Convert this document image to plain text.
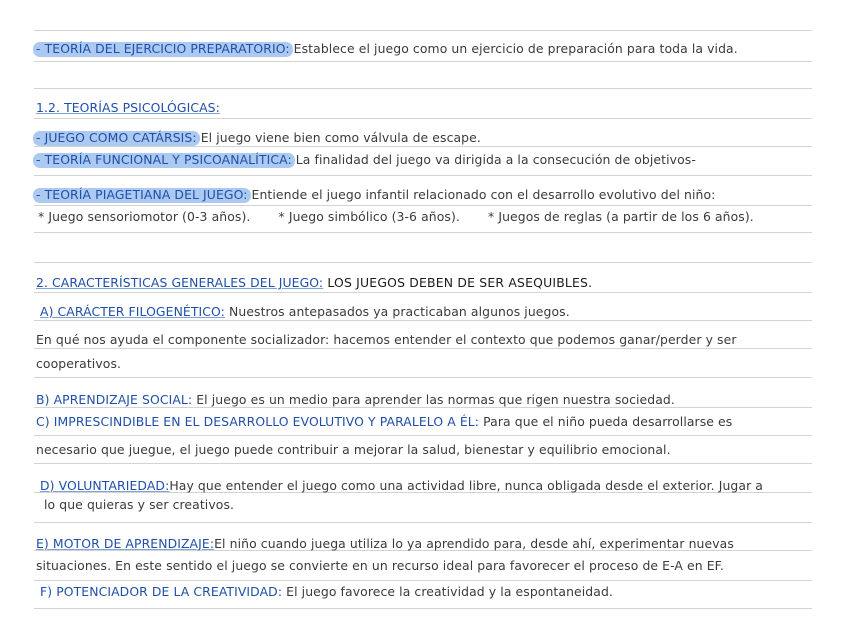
- TEORÍA DEL EJERCICIO PREPARATORIO: Establece el juego como un ejercicio de preparación para toda la vida.
1.2. TEORÍAS PSICOLÓGICAS:
- JUEGO COMO CATÁRSIS: El juego viene bien como válvula de escape.
- TEORÍA FUNCIONAL Y PSICOANALÍTICA: La finalidad del juego va dirigida a la consecución de objetivos-
- TEORÍA PIAGETIANA DEL JUEGO: Entiende el juego infantil relacionado con el desarrollo evolutivo del niño:
* Juego sensoriomotor (0-3 años). * Juego simbólico (3-6 años). * Juegos de reglas (a partir de los 6 años).
2. CARACTERÍSTICAS GENERALES DEL JUEGO: LOS JUEGOS DEBEN DE SER ASEQUIBLES.
A) CARÁCTER FILOGENÉTICO: Nuestros antepasados ya practicaban algunos juegos.
En qué nos ayuda el componente socializador: hacemos entender el contexto que podemos ganar/perder y ser
cooperativos.
B) APRENDIZAJE SOCIAL: El juego es un medio para aprender las normas que rigen nuestra sociedad.
C) IMPRESCINDIBLE EN EL DESARROLLO EVOLUTIVO Y PARALELO A ÉL: Para que el niño pueda desarrollarse es
necesario que juegue, el juego puede contribuir a mejorar la salud, bienestar y equilibrio emocional.
D) VOLUNTARIEDAD:Hay que entender el juego como una actividad libre, nunca obligada desde el exterior. Jugar a
lo que quieras y ser creativos.
E) MOTOR DE APRENDIZAJE:El niño cuando juega utiliza lo ya aprendido para, desde ahí, experimentar nuevas
situaciones. En este sentido el juego se convierte en un recurso ideal para favorecer el proceso de E-A en EF.
F) POTENCIADOR DE LA CREATIVIDAD: El juego favorece la creatividad y la espontaneidad.
